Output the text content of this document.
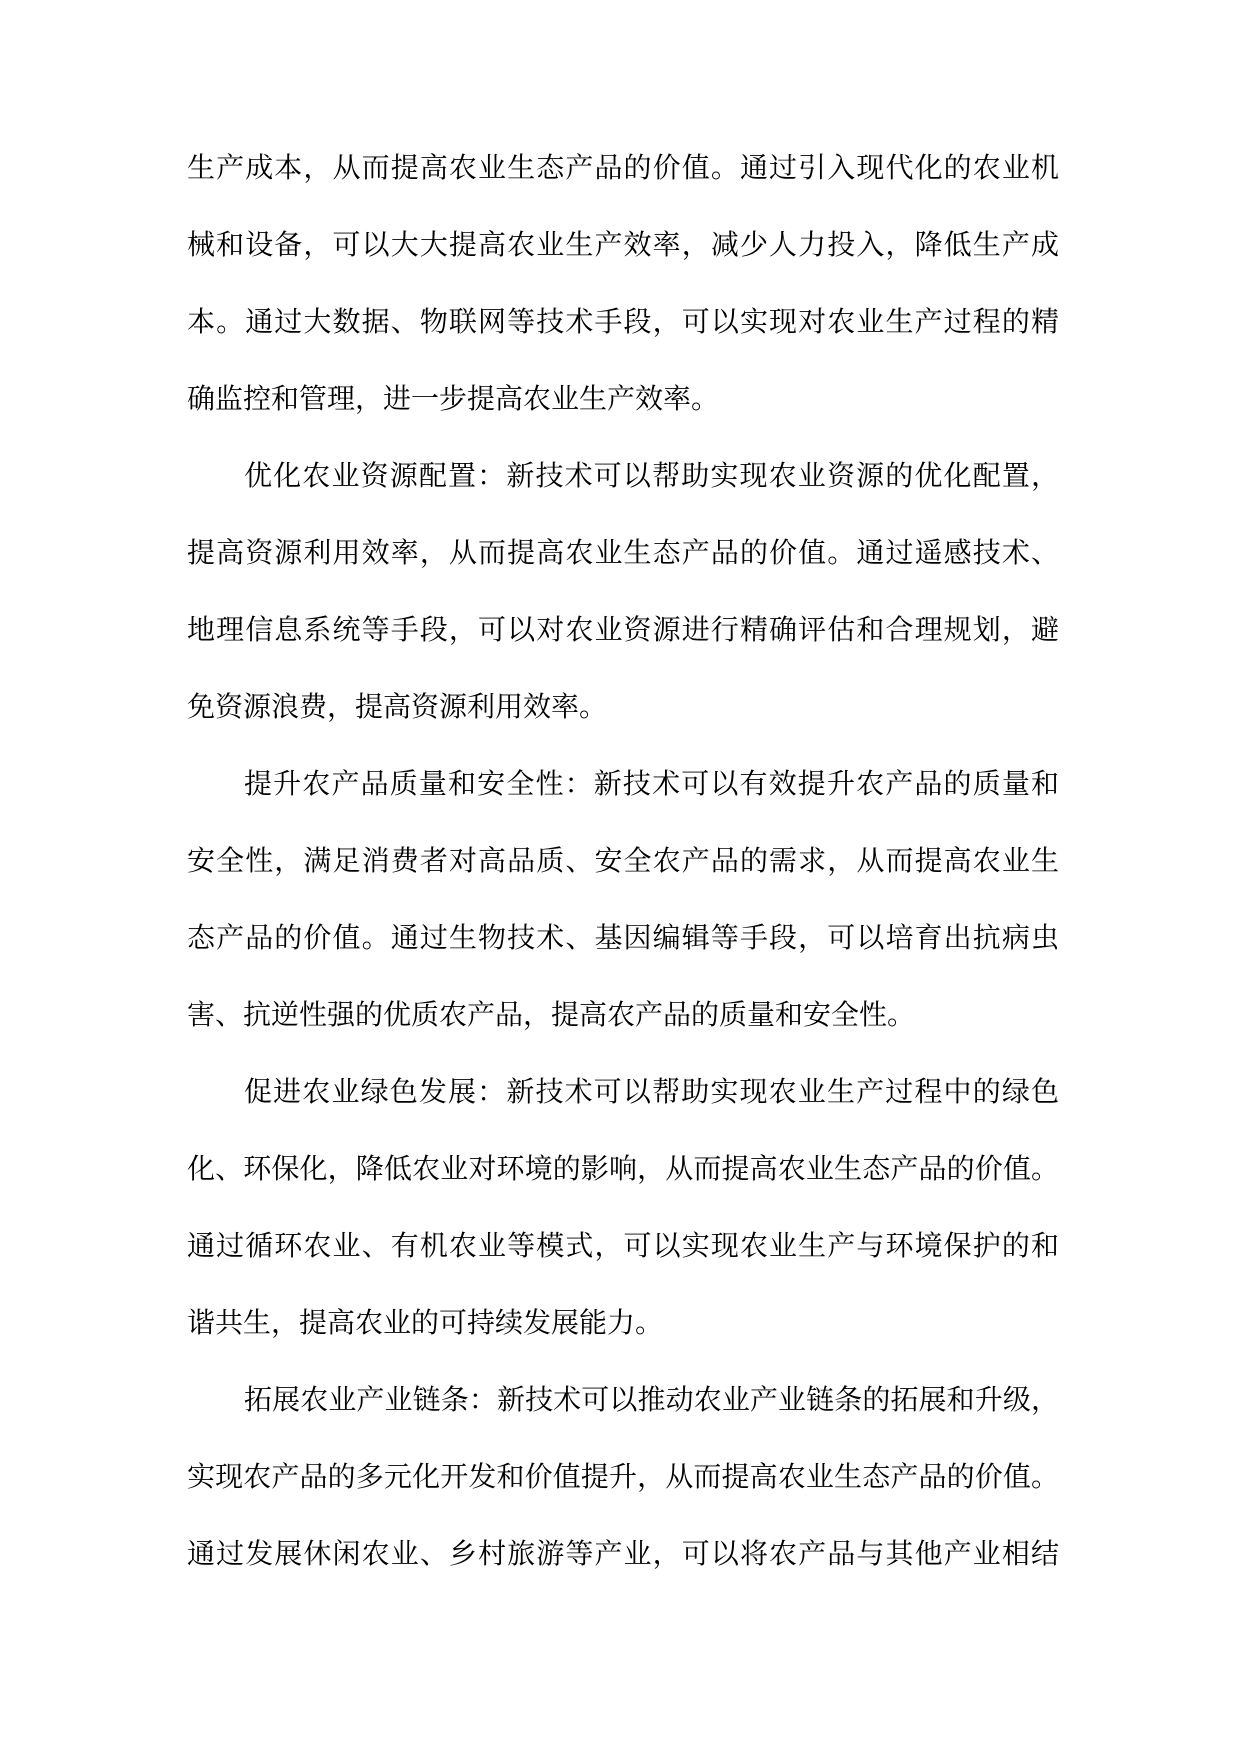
生产成本，从而提高农业生态产品的价值。通过引入现代化的农业机
械和设备，可以大大提高农业生产效率，减少人力投入，降低生产成
本。通过大数据、物联网等技术手段，可以实现对农业生产过程的精
确监控和管理，进一步提高农业生产效率。
优化农业资源配置：新技术可以帮助实现农业资源的优化配置，
提高资源利用效率，从而提高农业生态产品的价值。通过遥感技术、
地理信息系统等手段，可以对农业资源进行精确评估和合理规划，避
免资源浪费，提高资源利用效率。
提升农产品质量和安全性：新技术可以有效提升农产品的质量和
安全性，满足消费者对高品质、安全农产品的需求，从而提高农业生
态产品的价值。通过生物技术、基因编辑等手段，可以培育出抗病虫
害、抗逆性强的优质农产品，提高农产品的质量和安全性。
促进农业绿色发展：新技术可以帮助实现农业生产过程中的绿色
化、环保化，降低农业对环境的影响，从而提高农业生态产品的价值。
通过循环农业、有机农业等模式，可以实现农业生产与环境保护的和
谐共生，提高农业的可持续发展能力。
拓展农业产业链条：新技术可以推动农业产业链条的拓展和升级，
实现农产品的多元化开发和价值提升，从而提高农业生态产品的价值。
通过发展休闲农业、乡村旅游等产业，可以将农产品与其他产业相结
